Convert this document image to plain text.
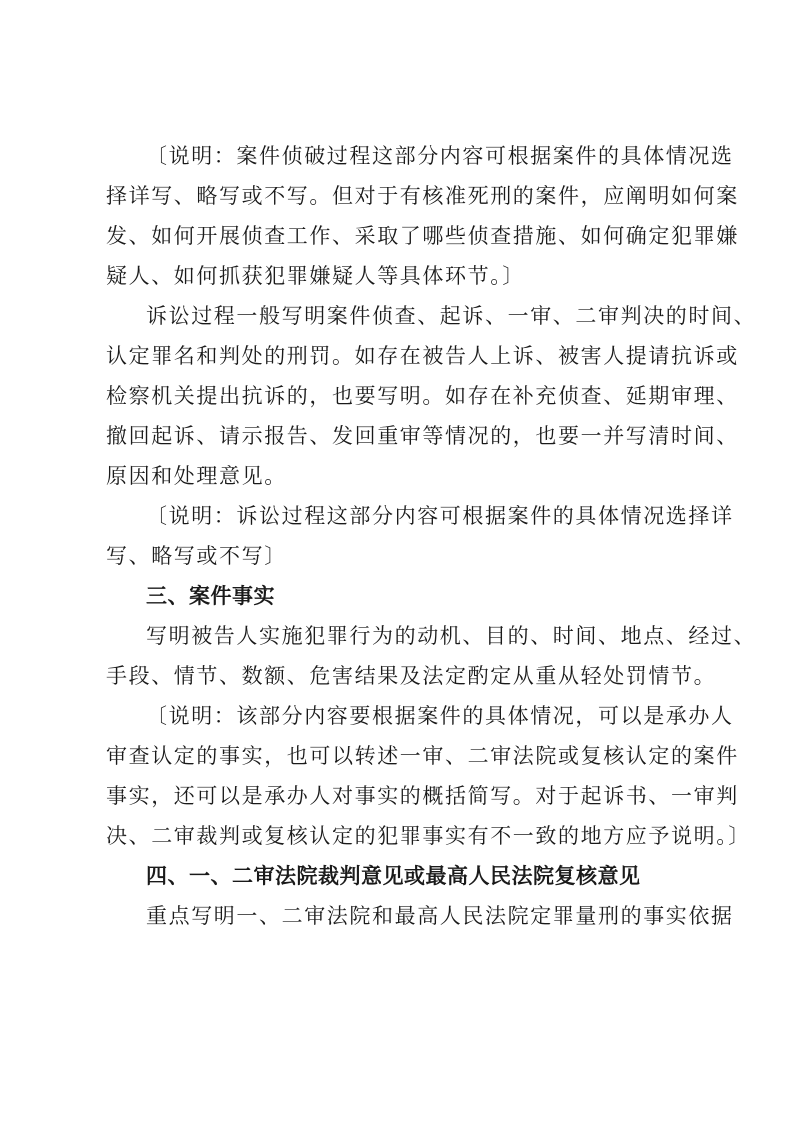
〔说明：案件侦破过程这部分内容可根据案件的具体情况选
择详写、略写或不写。但对于有核准死刑的案件，应阐明如何案
发、如何开展侦查工作、采取了哪些侦查措施、如何确定犯罪嫌
疑人、如何抓获犯罪嫌疑人等具体环节。〕
诉讼过程一般写明案件侦查、起诉、一审、二审判决的时间、
认定罪名和判处的刑罚。如存在被告人上诉、被害人提请抗诉或
检察机关提出抗诉的，也要写明。如存在补充侦查、延期审理、
撤回起诉、请示报告、发回重审等情况的，也要一并写清时间、
原因和处理意见。
〔说明：诉讼过程这部分内容可根据案件的具体情况选择详
写、略写或不写〕
三、案件事实
写明被告人实施犯罪行为的动机、目的、时间、地点、经过、
手段、情节、数额、危害结果及法定酌定从重从轻处罚情节。
〔说明：该部分内容要根据案件的具体情况，可以是承办人
审查认定的事实，也可以转述一审、二审法院或复核认定的案件
事实，还可以是承办人对事实的概括简写。对于起诉书、一审判
决、二审裁判或复核认定的犯罪事实有不一致的地方应予说明。〕
四、一、二审法院裁判意见或最高人民法院复核意见
重点写明一、二审法院和最高人民法院定罪量刑的事实依据
